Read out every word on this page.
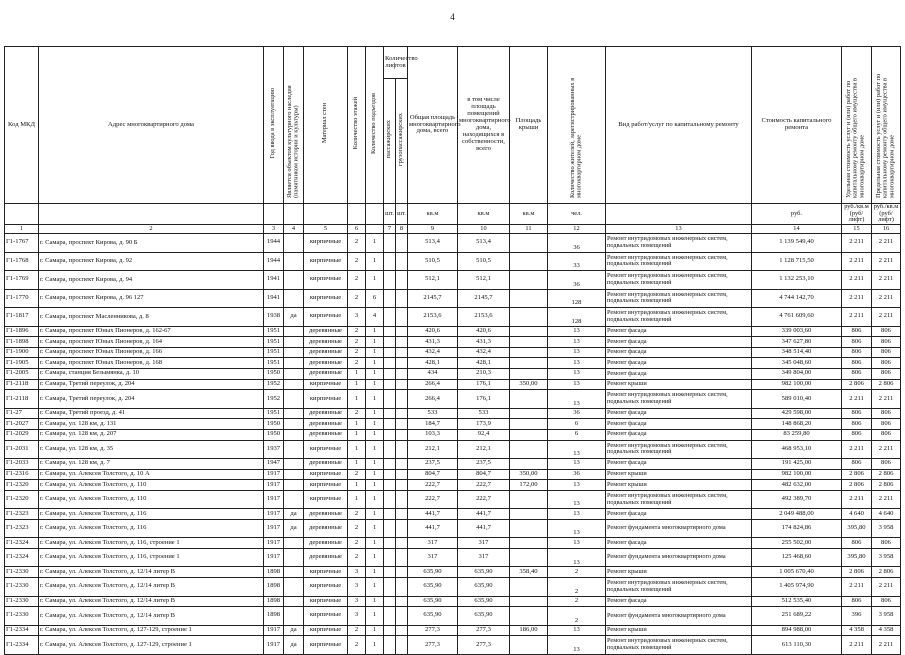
4
Код МКД	Адрес многоквартирного дома	Год ввода в эксплуатацию	Является объектом культурного наследия (памятником истории и культуры)	Материал стен	Количество этажей	Количество подъездов	Количество лифтов		Общая площадь многоквартирного дома, всего	в том числе площадь помещений многоквартирного дома, находящихся в собственности, всего	Площадь крыши	Количество жителей, зарегистрированных в многоквартирном доме	Вид работ/услуг по капитальному ремонту	Стоимость капитального ремонта	Удельная стоимость услуг и (или) работ по капитальному ремонту общего имущества в многоквартирном доме	Предельная стоимость услуг и (или) работ по капитальному ремонту общего имущества в многоквартирном доме
							пассажирских	грузопассажирских								
							шт.	шт.	кв.м	кв.м	кв.м	чел.		руб.	руб./кв.м (руб/лифт)	руб./кв.м (руб/лифт)
1	2	3	4	5	6		7	8	9	10	11	12	13	14	15	16
Г1-1767	г. Самара, проспект Кирова, д. 90 Б	1944		кирпичные	2	1			513,4	513,4		36	Ремонт внутридомовых инженерных систем, подвальных помещений	1 139 549,40	2 211	2 211
Г1-1768	г. Самара, проспект Кирова, д. 92	1944		кирпичные	2	1			510,5	510,5		33	Ремонт внутридомовых инженерных систем, подвальных помещений	1 128 715,50	2 211	2 211
Г1-1769	г. Самара, проспект Кирова, д. 94	1941		кирпичные	2	1			512,1	512,1		36	Ремонт внутридомовых инженерных систем, подвальных помещений	1 132 253,10	2 211	2 211
Г1-1770	г. Самара, проспект Кирова, д. 96 127	1941		кирпичные	2	6			2145,7	2145,7		128	Ремонт внутридомовых инженерных систем, подвальных помещений	4 744 142,70	2 211	2 211
Г1-1817	г. Самара, проспект Масленникова, д. 8	1938	да	кирпичные	3	4			2153,6	2153,6		128	Ремонт внутридомовых инженерных систем, подвальных помещений	4 761 609,60	2 211	2 211
Г1-1896	г. Самара, проспект Юных Пионеров, д. 162-67	1951		деревянные	2	1			420,6	420,6		13	Ремонт фасада	339 003,60	806	806
Г1-1898	г. Самара, проспект Юных Пионеров, д. 164	1951		деревянные	2	1			431,3	431,3		13	Ремонт фасада	347 627,80	806	806
Г1-1900	г. Самара, проспект Юных Пионеров, д. 166	1951		деревянные	2	1			432,4	432,4		13	Ремонт фасада	348 514,40	806	806
Г1-1905	г. Самара, проспект Юных Пионеров, д. 168	1951		деревянные	2	1			428,1	428,1		13	Ремонт фасада	345 048,60	806	806
Г1-2005	г. Самара, станция Безымянка, д. 10	1950		деревянные	1	1			434	210,3		13	Ремонт фасада	349 804,00	806	806
Г1-2118	г. Самара, Третий переулок, д. 204	1952		кирпичные	1	1			266,4	176,1	350,00	13	Ремонт крыши	982 100,00	2 806	2 806
Г1-2118	г. Самара, Третий переулок, д. 204	1952		кирпичные	1	1			266,4	176,1		13	Ремонт внутридомовых инженерных систем, подвальных помещений	589 010,40	2 211	2 211
Г1-27	г. Самара, Третий проезд, д. 41	1951		деревянные	2	1			533	533		36	Ремонт фасада	429 598,00	806	806
Г1-2027	г. Самара, ул. 128 км, д. 131	1950		деревянные	1	1			184,7	173,9		6	Ремонт фасада	148 868,20	806	806
Г1-2029	г. Самара, ул. 128 км, д. 207	1950		деревянные	1	1			103,3	92,4		6	Ремонт фасада	83 259,80	806	806
Г1-2031	г. Самара, ул. 128 км, д. 35	1937		кирпичные	1	1			212,1	212,1		13	Ремонт внутридомовых инженерных систем, подвальных помещений	468 953,10	2 211	2 211
Г1-2033	г. Самара, ул. 128 км, д. 7	1947		деревянные	1	1			237,5	237,5		13	Ремонт фасада	191 425,00	806	806
Г1-2316	г. Самара, ул. Алексея Толстого, д. 10 А	1917		кирпичные	2	1			804,7	804,7	350,00	36	Ремонт крыши	982 100,00	2 806	2 806
Г1-2320	г. Самара, ул. Алексея Толстого, д. 110	1917		кирпичные	1	1			222,7	222,7	172,00	13	Ремонт крыши	482 632,00	2 806	2 806
Г1-2320	г. Самара, ул. Алексея Толстого, д. 110	1917		кирпичные	1	1			222,7	222,7		13	Ремонт внутридомовых инженерных систем, подвальных помещений	492 389,70	2 211	2 211
Г1-2323	г. Самара, ул. Алексея Толстого, д. 116	1917	да	деревянные	2	1			441,7	441,7		13	Ремонт фасада	2 049 488,00	4 640	4 640
Г1-2323	г. Самара, ул. Алексея Толстого, д. 116	1917	да	деревянные	2	1			441,7	441,7		13	Ремонт фундамента многоквартирного дома	174 824,86	395,80	3 958
Г1-2324	г. Самара, ул. Алексея Толстого, д. 116, строение 1	1917		деревянные	2	1			317	317		13	Ремонт фасада	255 502,00	806	806
Г1-2324	г. Самара, ул. Алексея Толстого, д. 116, строение 1	1917		деревянные	2	1			317	317		13	Ремонт фундамента многоквартирного дома	125 468,60	395,80	3 958
Г1-2330	г. Самара, ул. Алексея Толстого, д. 12/14 литер В	1898		кирпичные	3	1			635,90	635,90	358,40	2	Ремонт крыши	1 005 670,40	2 806	2 806
Г1-2330	г. Самара, ул. Алексея Толстого, д. 12/14 литер В	1898		кирпичные	3	1			635,90	635,90		2	Ремонт внутридомовых инженерных систем, подвальных помещений	1 405 974,90	2 211	2 211
Г1-2330	г. Самара, ул. Алексея Толстого, д. 12/14 литер В	1898		кирпичные	3	1			635,90	635,90		2	Ремонт фасада	512 535,40	806	806
Г1-2330	г. Самара, ул. Алексея Толстого, д. 12/14 литер В	1898		кирпичные	3	1			635,90	635,90		2	Ремонт фундамента многоквартирного дома	251 689,22	396	3 958
Г1-2334	г. Самара, ул. Алексея Толстого, д. 127-129, строение 1	1917	да	кирпичные	2	1			277,3	277,3	186,00	13	Ремонт крыши	894 988,00	4 358	4 358
Г1-2334	г. Самара, ул. Алексея Толстого, д. 127-129, строение 1	1917	да	кирпичные	2	1			277,3	277,3		13	Ремонт внутридомовых инженерных систем, подвальных помещений	613 110,30	2 211	2 211
